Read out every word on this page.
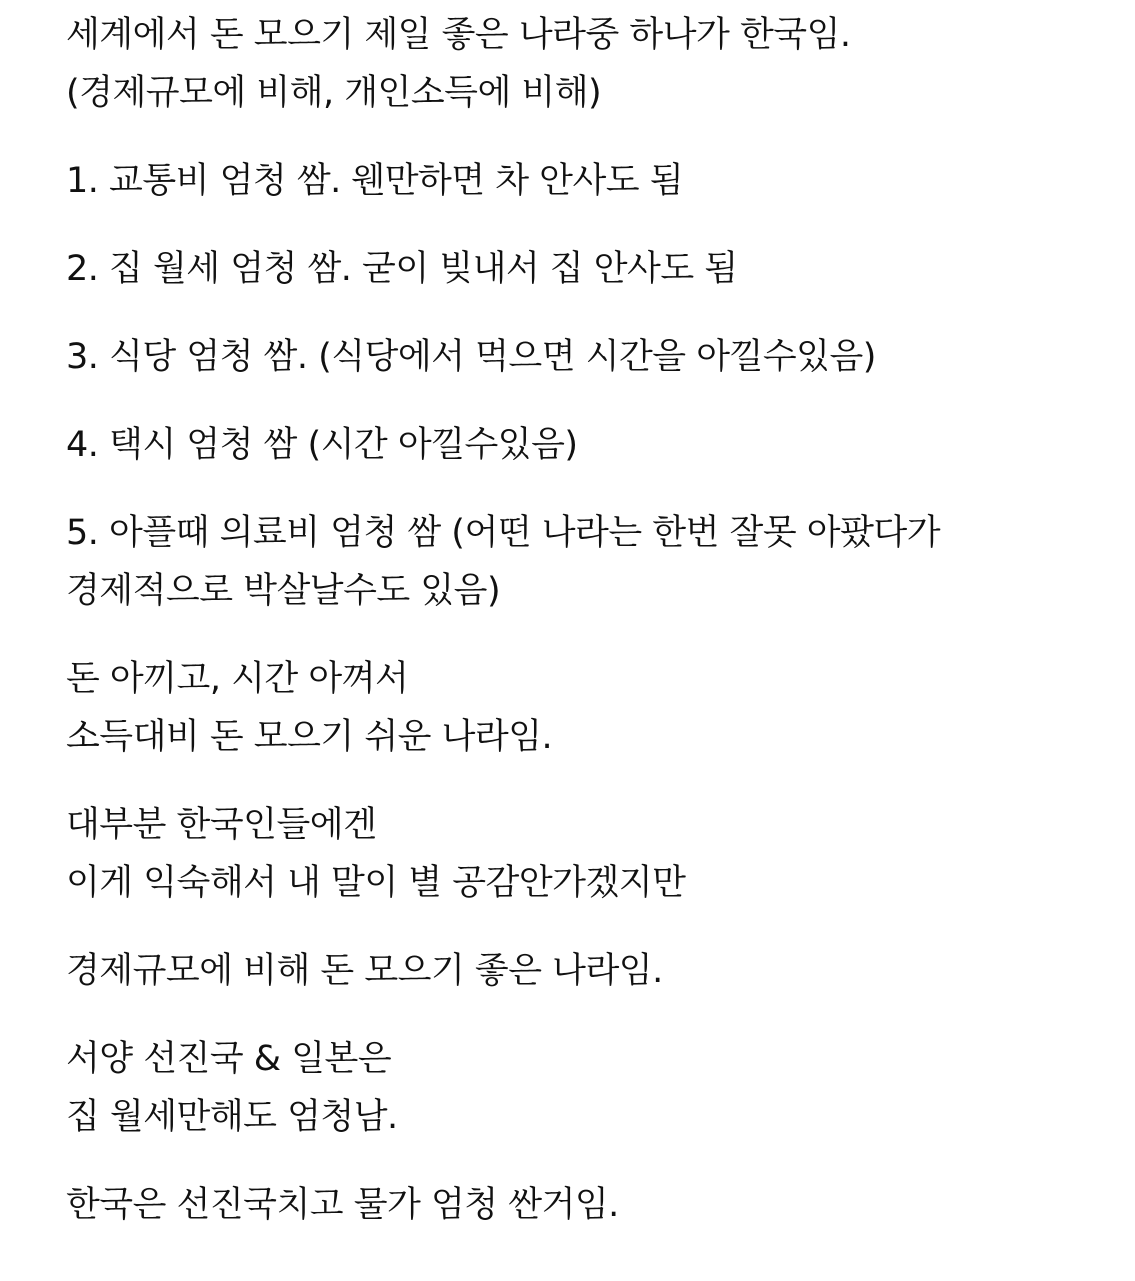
세계에서 돈 모으기 제일 좋은 나라중 하나가 한국임.
(경제규모에 비해, 개인소득에 비해)
1. 교통비 엄청 쌈. 웬만하면 차 안사도 됨
2. 집 월세 엄청 쌈. 굳이 빚내서 집 안사도 됨
3. 식당 엄청 쌈. (식당에서 먹으면 시간을 아낄수있음)
4. 택시 엄청 쌈 (시간 아낄수있음)
5. 아플때 의료비 엄청 쌈 (어떤 나라는 한번 잘못 아팠다가
경제적으로 박살날수도 있음)
돈 아끼고, 시간 아껴서
소득대비 돈 모으기 쉬운 나라임.
대부분 한국인들에겐
이게 익숙해서 내 말이 별 공감안가겠지만
경제규모에 비해 돈 모으기 좋은 나라임.
서양 선진국 & 일본은
집 월세만해도 엄청남.
한국은 선진국치고 물가 엄청 싼거임.
